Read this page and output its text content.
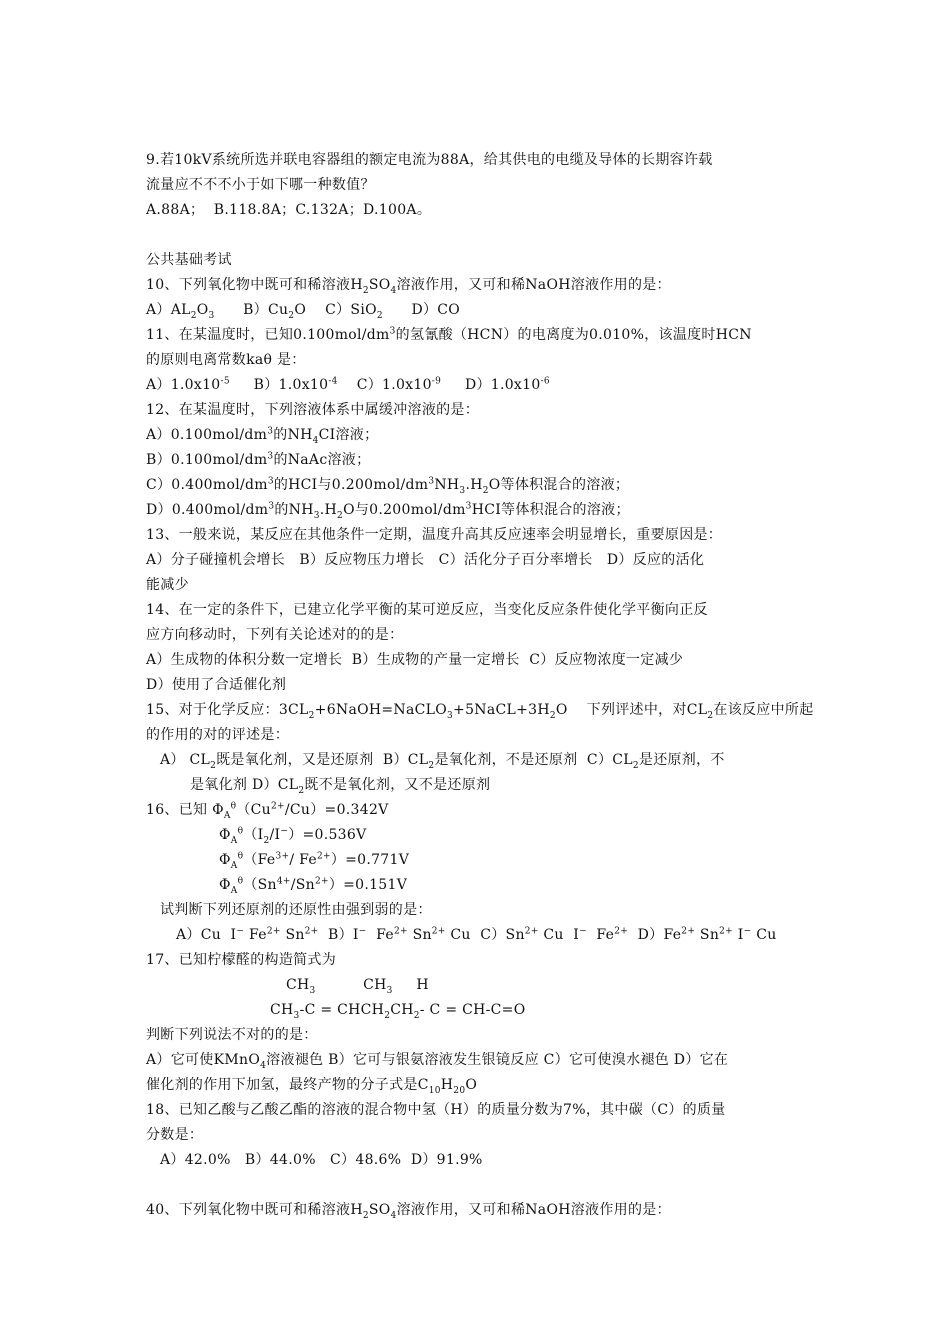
9.若10kV系统所选并联电容器组的额定电流为88A，给其供电的电缆及导体的长期容许载
流量应不不不小于如下哪一种数值？
A.88A；  B.118.8A；C.132A；D.100A。
公共基础考试
10、下列氧化物中既可和稀溶液$H_2SO_4$溶液作用，又可和稀NaOH溶液作用的是：
$A)AL_2O_3$ $B)Cu_2O$ C）SiO$_2$ D）CO
11、在某温度时，已知$0.100mol/dm^3$的氢氰酸（HCN）的电离度为0.010%，该温度时HCN
的原则电离常数kaθ 是：
$A)1.0x10^{-5}$ $B)1.0x10^{-4}$ $C)1.0x10^{-9}$ $D)1.0x10^{-6}$
12、在某温度时，下列溶液体系中属缓冲溶液的是：
$A)0.100mol/dm^3$的$NH_4CI$溶液；
$B)0.100mol/dm^3$的NaAc溶液；
$C)0.400mol/dm^3$的HCI与$0.200mol/dm^3NH_3.H_2O$等体积混合的溶液；
$D)0.400mol/dm^3$的$NH_3.H_2O$与$0.200mol/dm^3HCI$等体积混合的溶液；
13、一般来说，某反应在其他条件一定期，温度升高其反应速率会明显增长，重要原因是：
A）分子碰撞机会增长   B）反应物压力增长   C）活化分子百分率增长   D）反应的活化
能减少
14、在一定的条件下，已建立化学平衡的某可逆反应，当变化反应条件使化学平衡向正反
应方向移动时，下列有关论述对的的是：
A）生成物的体积分数一定增长  B）生成物的产量一定增长  C）反应物浓度一定减少
D）使用了合适催化剂
15、对于化学反应：$3CL_2+6NaOH=NaCLO_3+5NaCL+3H_2O$    下列评述中，对$CL_2$在该反应中所起
的作用的对的评述是：
A） $CL_2$既是氧化剂，又是还原剂  $B)CL_2$是氧化剂，不是还原剂  $C)CL_2$是还原剂，不
是氧化剂 $D)CL_2$既不是氧化剂，又不是还原剂
16、已知 $\Phi_A^\theta(Cu^{2+}/Cu)=0.342V$
$\Phi_A^\theta(I_2/I^-)=0.536V$
$\Phi_A^\theta(Fe^{3+}/$ $Fe^{2+})=0.771V$
$\Phi_A^\theta(Sn^{4+}/Sn^{2+})=0.151V$
试判断下列还原剂的还原性由强到弱的是：
A）Cu  I− $Fe^{2+}$ $Sn^{2+}$  B）I−  $Fe^{2+}$ $Sn^{2+}$ Cu  $C)Sn^{2+}$ Cu  I−  $Fe^{2+}$  $D)Fe^{2+}$ $Sn^{2+}$ I− Cu
17、已知柠檬醛的构造简式为
$CH_3$	$CH_3$ H
$CH_3-C$ = $CHCH_2CH_2-$ C = CH-C=O
判断下列说法不对的的是：
A）它可使KMnO$_4$溶液褪色 B）它可与银氨溶液发生银镜反应 C）它可使溴水褪色 D）它在
催化剂的作用下加氢，最终产物的分子式是$C_{10}H_{20}O$
18、已知乙酸与乙酸乙酯的溶液的混合物中氢（H）的质量分数为7%，其中碳（C）的质量
分数是：
A）42.0%   B）44.0%   C）48.6%  D）91.9%
40、下列氧化物中既可和稀溶液$H_2SO_4$溶液作用，又可和稀NaOH溶液作用的是：
